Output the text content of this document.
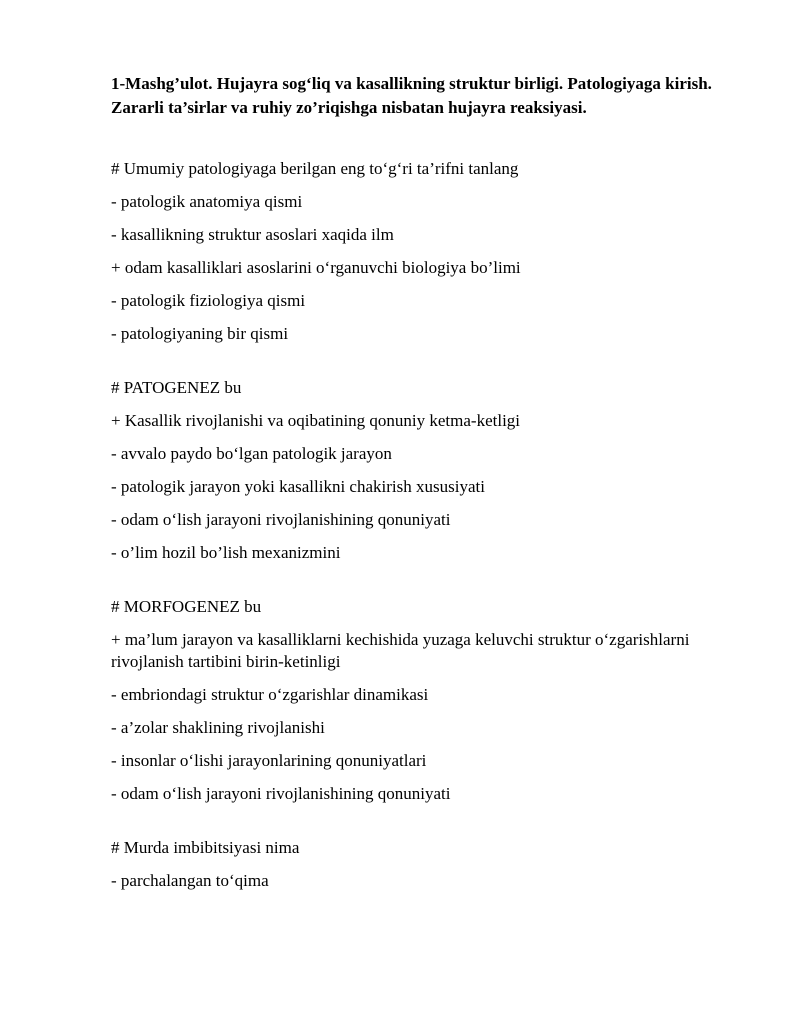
1-Mashg’ulot. Hujayra sog‘liq va kasallikning struktur birligi. Patologiyaga kirish. Zararli ta’sirlar va ruhiy zo’riqishga nisbatan hujayra reaksiyasi.
# Umumiy patologiyaga berilgan eng to‘g‘ri ta’rifni tanlang
- patologik anatomiya qismi
- kasallikning struktur asoslari xaqida ilm
+ odam kasalliklari asoslarini o‘rganuvchi biologiya bo’limi
- patologik fiziologiya qismi
- patologiyaning bir qismi
# PATOGENEZ bu
+ Kasallik rivojlanishi va oqibatining qonuniy ketma-ketligi
- avvalo paydo bo‘lgan patologik jarayon
- patologik jarayon yoki kasallikni chakirish xususiyati
- odam o‘lish jarayoni rivojlanishining qonuniyati
- o’lim hozil bo’lish mexanizmini
# MORFOGENEZ bu
+ ma’lum jarayon va kasalliklarni kechishida yuzaga keluvchi struktur o‘zgarishlarni rivojlanish tartibini birin-ketinligi
- embriondagi struktur o‘zgarishlar dinamikasi
- a’zolar shaklining rivojlanishi
- insonlar o‘lishi jarayonlarining qonuniyatlari
- odam o‘lish jarayoni rivojlanishining qonuniyati
# Murda imbibitsiyasi nima
- parchalangan to‘qima
